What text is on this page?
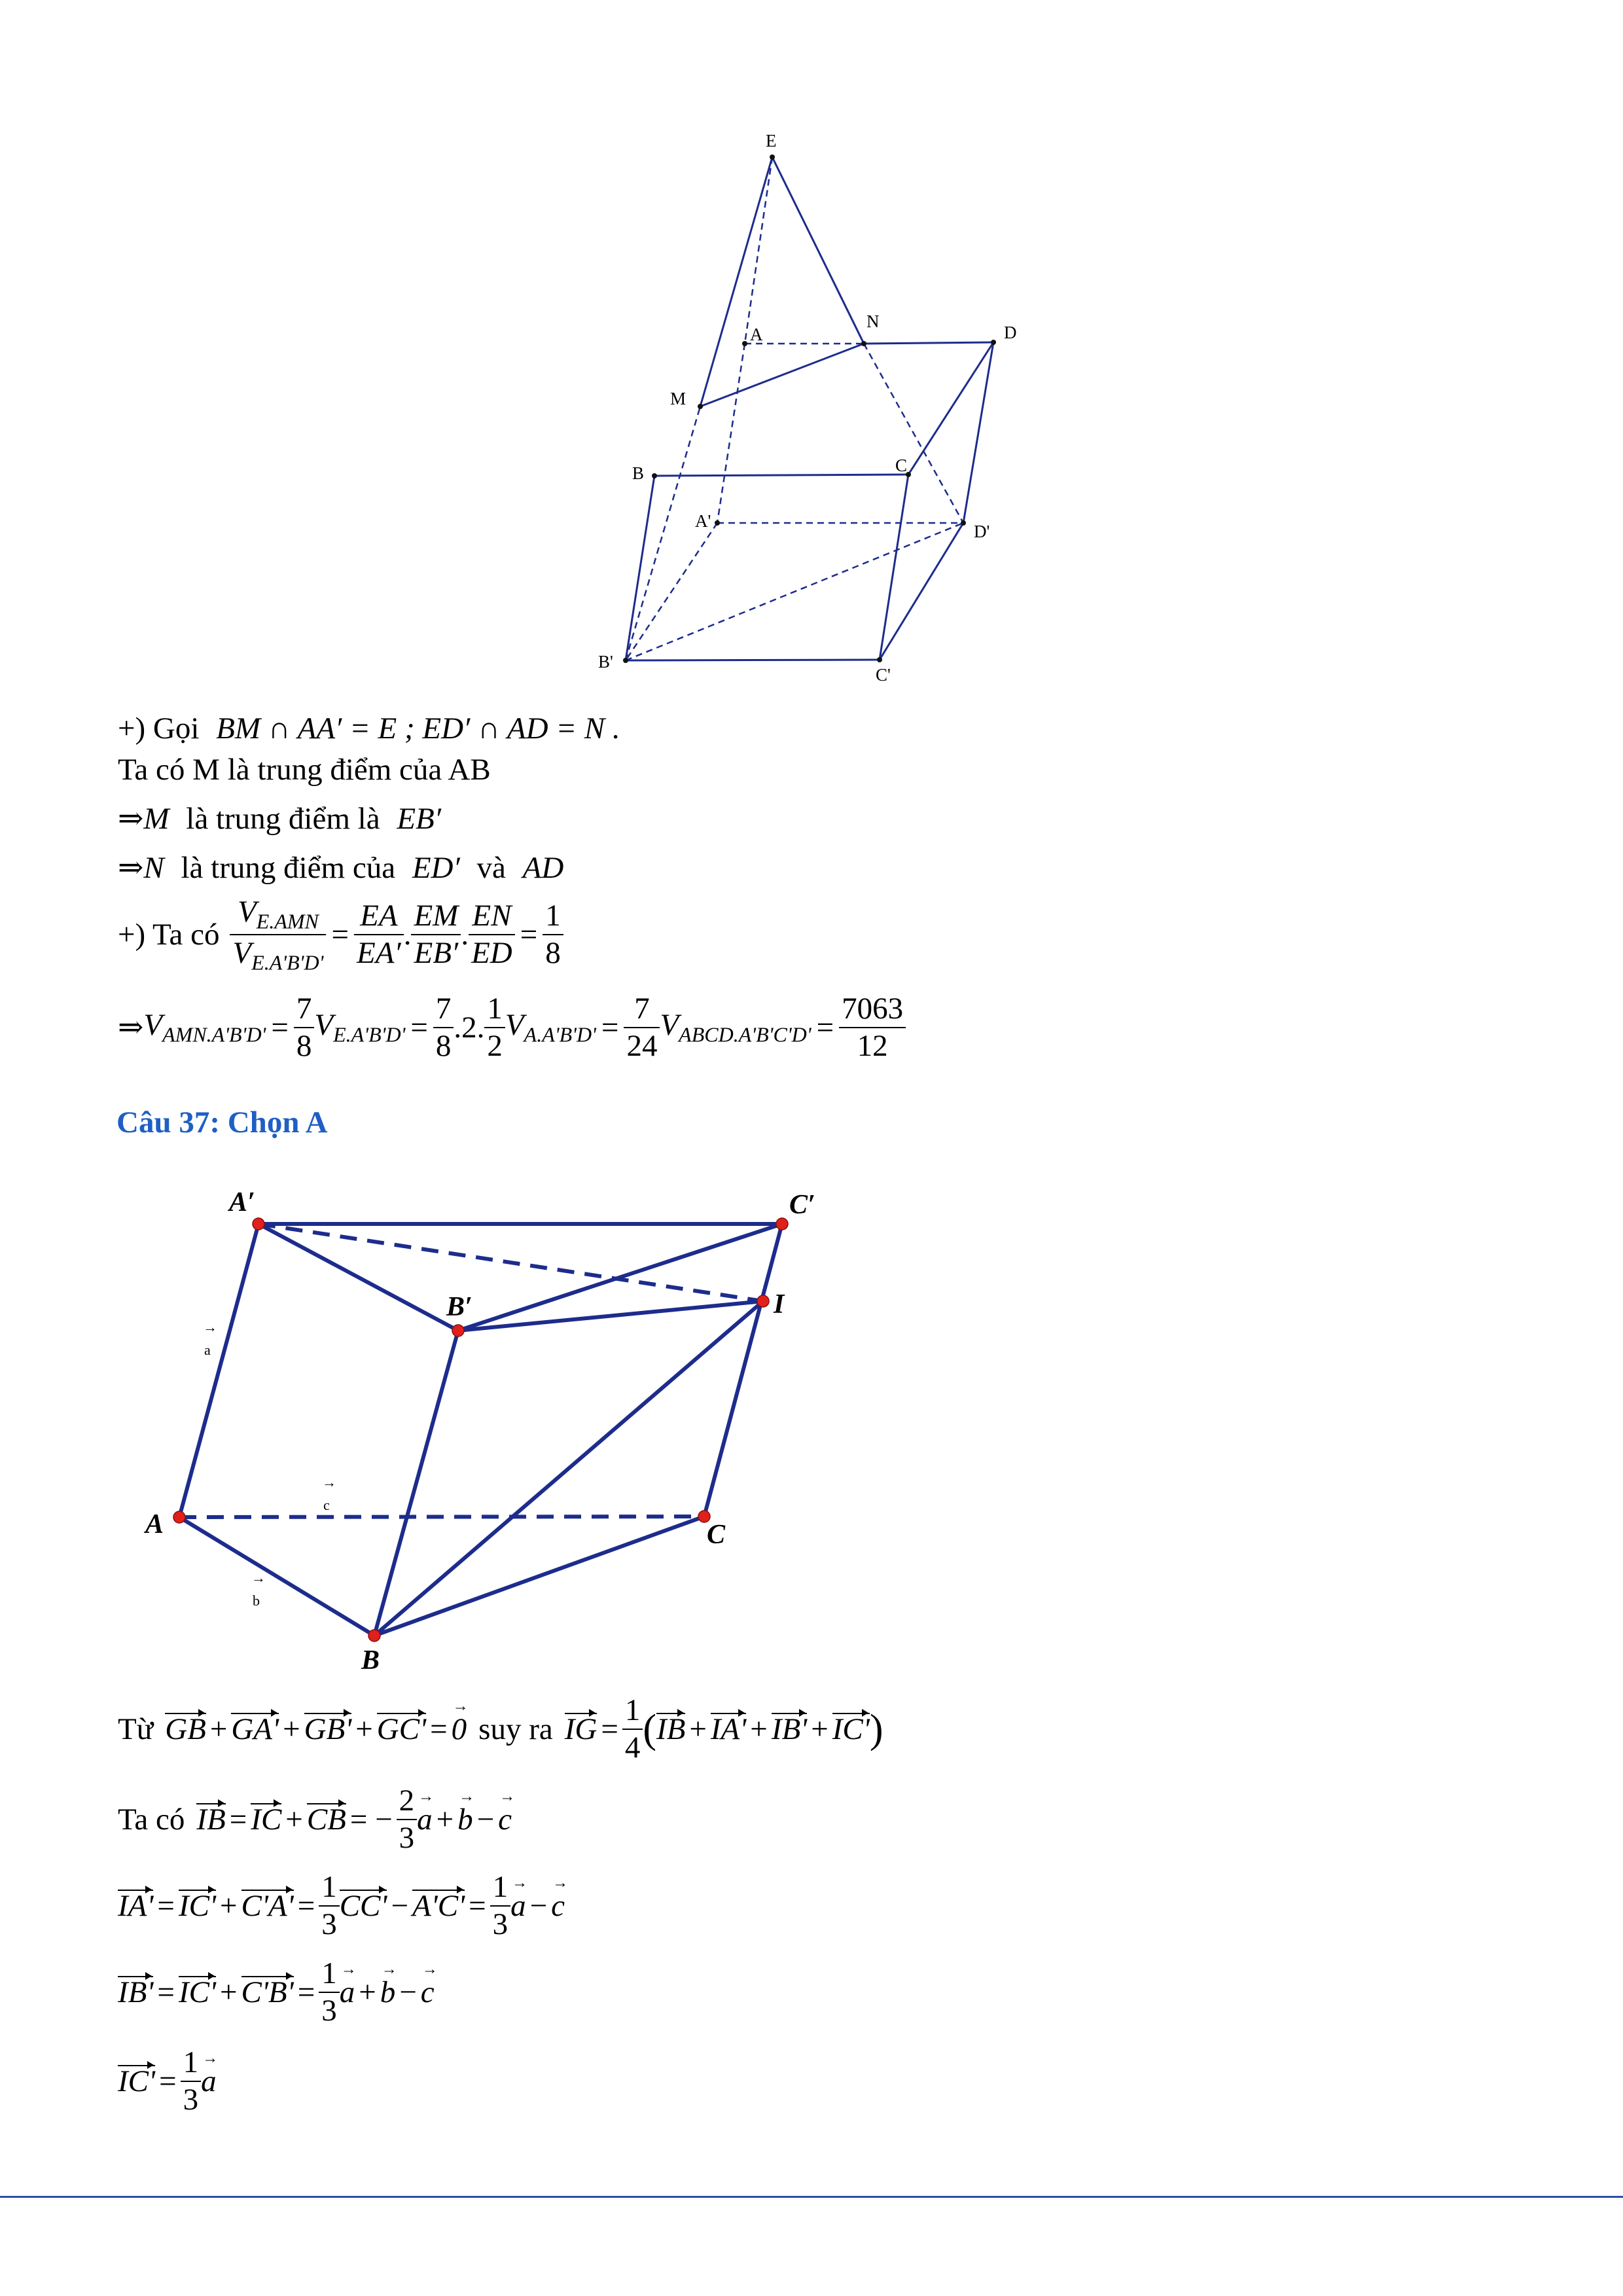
E
A
N
D
M
B	C
A'
D'
B'
C'
+) Gọi BM ∩ AA′ = E ; ED′ ∩ AD = N .
Ta có M là trung điểm của AB
⇒M là trung điểm là EB′
⇒N là trung điểm của ED′ và AD
+) Ta có $\frac{V_{E.AMN}}{V_{E.A'B'D'}} = \frac{EA}{EA'}$ . $\frac{EM}{EB'}$ . $\frac{EN}{ED} = \frac{1}{8}$
⇒ $V_{AMN.A'B'D'} = \frac{7}{8} V_{E.A'B'D'} = \frac{7}{8} .2$. $\frac{1}{2} V_{A.A'B'D'} = \frac{7}{24} V_{ABCD.A'B'C'D'} = \frac{7063}{12}$
Câu 37: Chọn A
A′	C′
B′	I
A	C
B
→
a
→
c
→
b
Từ GB + GA' + GB' + GC' =
→ 0 suy ra IG = $\frac{1}{4}$ ( IB + IA' + IB' + IC' )
Ta có IB = IC + CB = − $\frac{2}{3}$
→ a +
→ b −
→ c
$IA' = IC' + C'A' = \frac{1}{3} CC' - A'C' = \frac{1}{3}$
→ a −
→ c
$IB' = IC' + C'B' = \frac{1}{3}$
→ a +
→ b −
→ c
$IC' = \frac{1}{3}$
→ a
